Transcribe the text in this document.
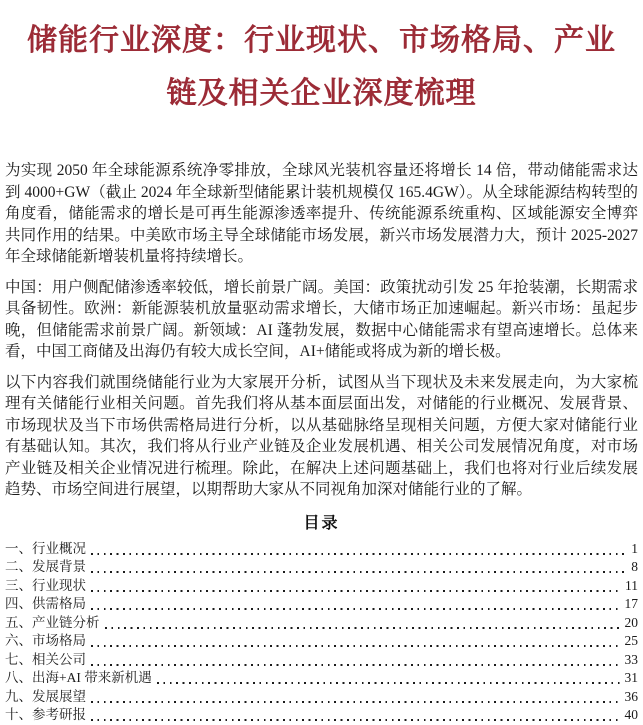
储能行业深度：行业现状、市场格局、产业
链及相关企业深度梳理

为实现 2050 年全球能源系统净零排放，全球风光装机容量还将增长 14 倍，带动储能需求达到 4000+GW（截止 2024 年全球新型储能累计装机规模仅 165.4GW）。从全球能源结构转型的角度看，储能需求的增长是可再生能源渗透率提升、传统能源系统重构、区域能源安全博弈共同作用的结果。中美欧市场主导全球储能市场发展，新兴市场发展潜力大，预计 2025-2027 年全球储能新增装机量将持续增长。

中国：用户侧配储渗透率较低，增长前景广阔。美国：政策扰动引发 25 年抢装潮，长期需求具备韧性。欧洲：新能源装机放量驱动需求增长，大储市场正加速崛起。新兴市场：虽起步晚，但储能需求前景广阔。新领域：AI 蓬勃发展，数据中心储能需求有望高速增长。总体来看，中国工商储及出海仍有较大成长空间，AI+储能或将成为新的增长极。

以下内容我们就围绕储能行业为大家展开分析，试图从当下现状及未来发展走向，为大家梳理有关储能行业相关问题。首先我们将从基本面层面出发，对储能的行业概况、发展背景、市场现状及当下市场供需格局进行分析，以从基础脉络呈现相关问题，方便大家对储能行业有基础认知。其次，我们将从行业产业链及企业发展机遇、相关公司发展情况角度，对市场产业链及相关企业情况进行梳理。除此，在解决上述问题基础上，我们也将对行业后续发展趋势、市场空间进行展望，以期帮助大家从不同视角加深对储能行业的了解。

目录
一、行业概况	1
二、发展背景	8
三、行业现状	11
四、供需格局	17
五、产业链分析	20
六、市场格局	25
七、相关公司	33
八、出海+AI 带来新机遇	31
九、发展展望	36
十、参考研报	40
